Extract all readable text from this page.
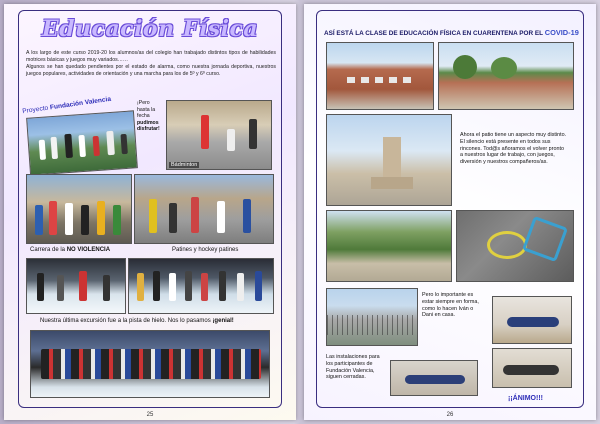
Educación Física
A los largo de este curso 2019-20 los alumnos/as del colegio han trabajado distintos tipos de habilidades motrices básicas y juegos muy variados……
Algunos se han quedado pendientes por el estado de alarma, como nuestra jornada deportiva, nuestros juegos populares, actividades de orientación y una marcha para los de 5º y 6º curso.
Proyecto Fundación Valencia	¡Pero hasta la fecha
pudimos disfrutar!
Bádminton
Carrera de la NO VIOLENCIA	Patines y hockey patines
Nuestra última excursión fue a la pista de hielo. Nos lo pasamos ¡genial!
25
ASÍ ESTÁ LA CLASE DE EDUCACIÓN FÍSICA EN CUARENTENA POR EL COVID-19
Ahora el patio tiene un aspecto muy distinto. El silencio está presente en todos sus rincones. Tod@s añoramos el volver pronto a nuestros lugar de trabajo, con juegos, diversión y nuestros compañeros/as.
Pero lo importante es estar siempre en forma, como lo hacen Iván o Dani en casa.
Las instalaciones para los participantes de Fundación Valencia, siguen cerradas.
¡¡ÁNIMO!!!
26
